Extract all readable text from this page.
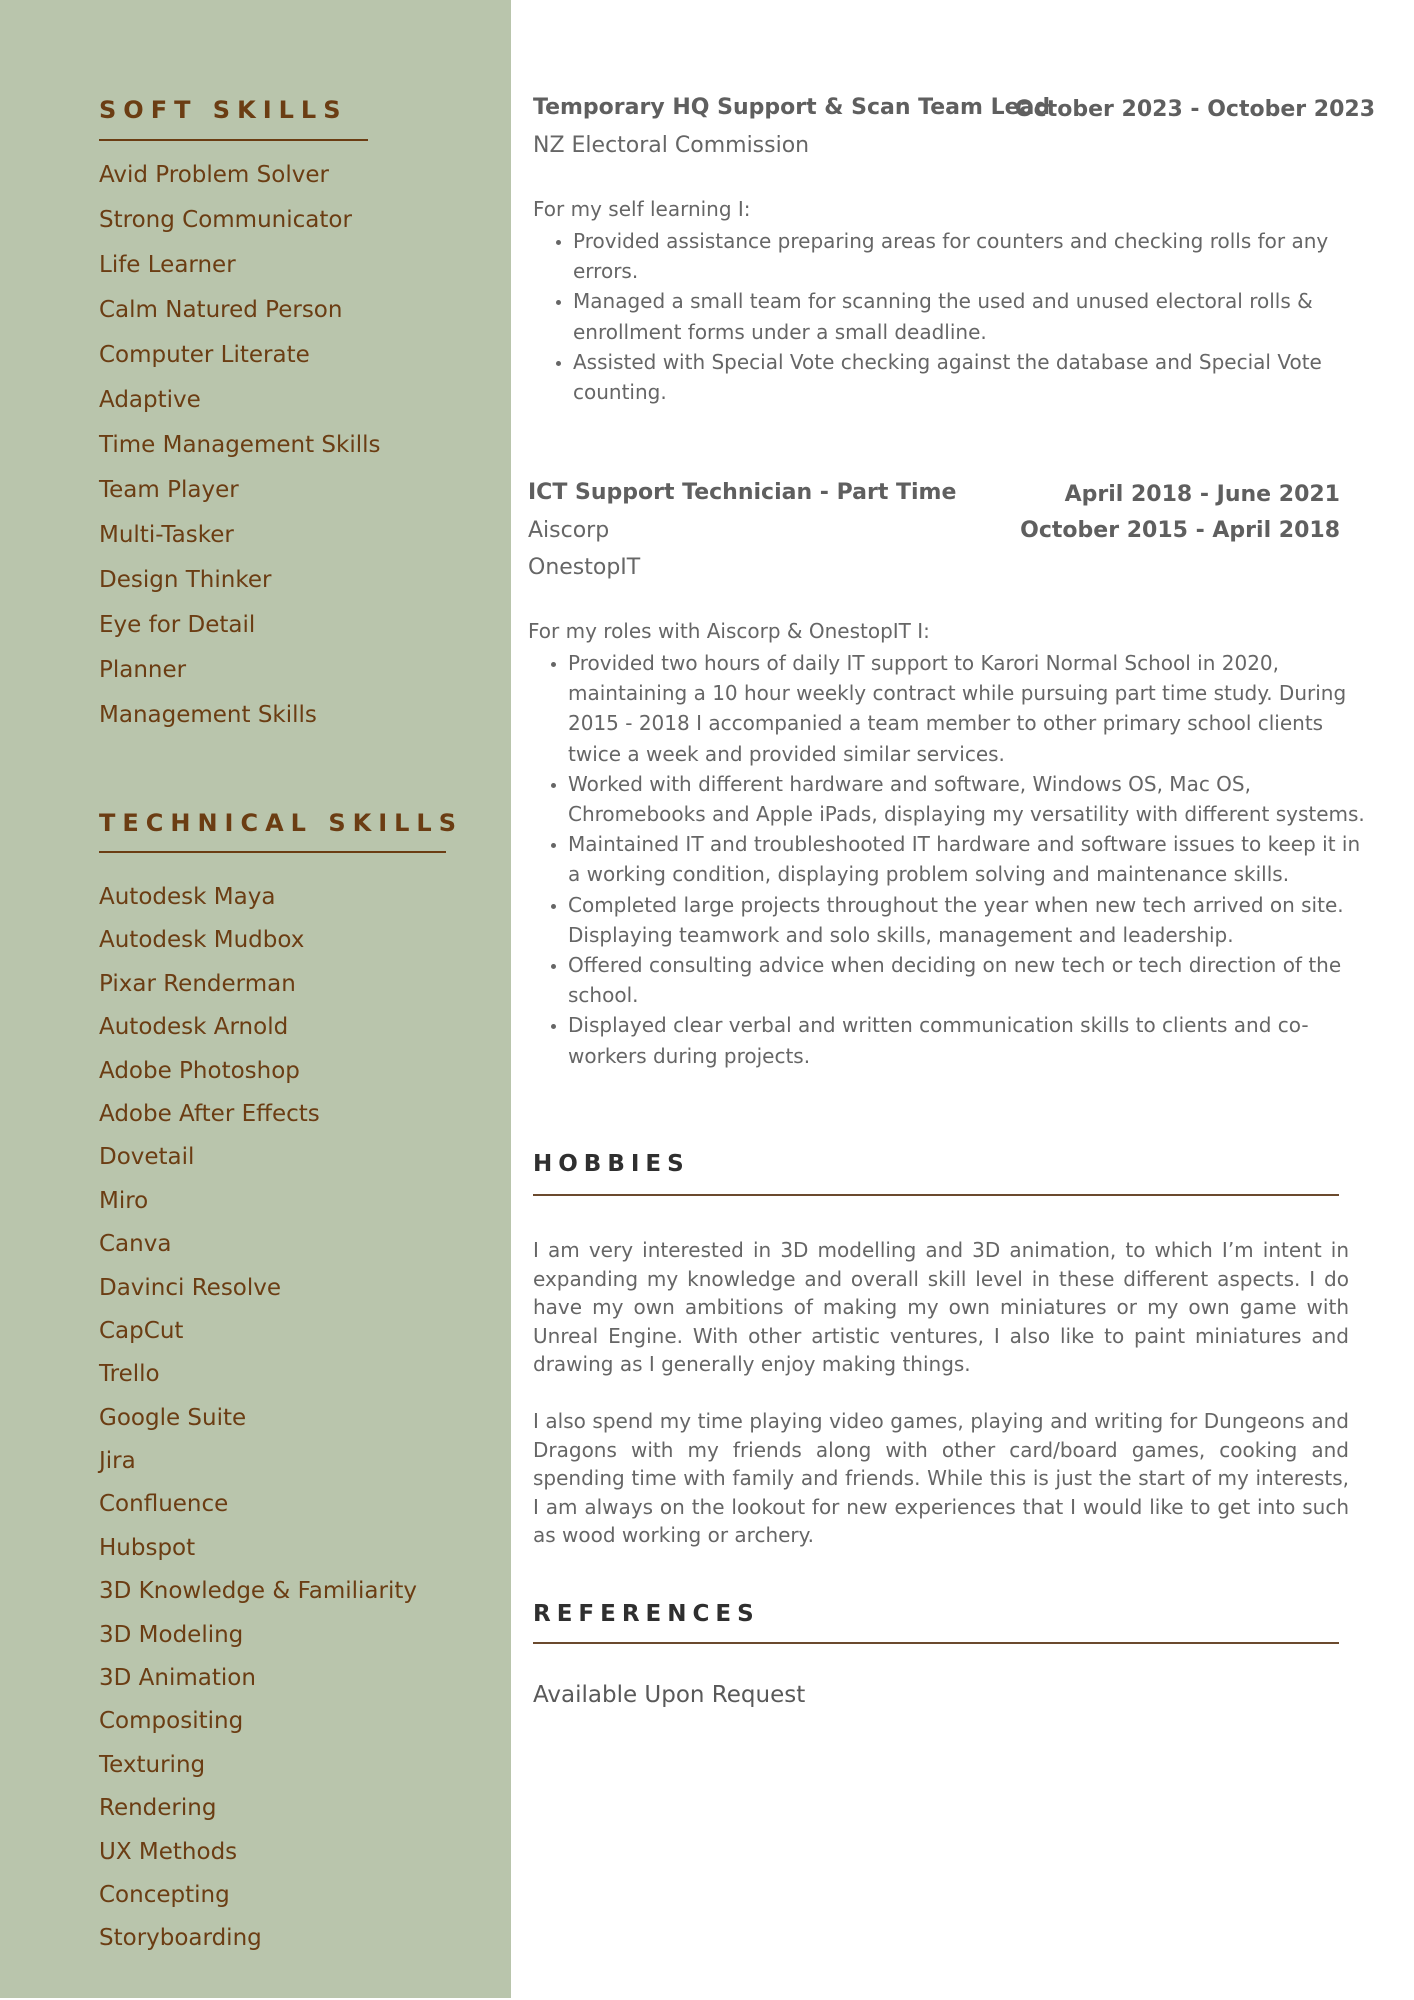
SOFT SKILLS
Avid Problem Solver
Strong Communicator
Life Learner
Calm Natured Person
Computer Literate
Adaptive
Time Management Skills
Team Player
Multi-Tasker
Design Thinker
Eye for Detail
Planner
Management Skills
TECHNICAL SKILLS
Autodesk Maya
Autodesk Mudbox
Pixar Renderman
Autodesk Arnold
Adobe Photoshop
Adobe After Effects
Dovetail
Miro
Canva
Davinci Resolve
CapCut
Trello
Google Suite
Jira
Confluence
Hubspot
3D Knowledge & Familiarity
3D Modeling
3D Animation
Compositing
Texturing
Rendering
UX Methods
Concepting
Storyboarding

Temporary HQ Support & Scan Team Lead

October 2023 - October 2023

NZ Electoral Commission

For my self learning I:

• Provided assistance preparing areas for counters and checking rolls for any errors.
• Managed a small team for scanning the used and unused electoral rolls & enrollment forms under a small deadline.
• Assisted with Special Vote checking against the database and Special Vote counting.

ICT Support Technician - Part Time	April 2018 - June 2021

October 2015 - April 2018

Aiscorp

OnestopIT

For my roles with Aiscorp & OnestopIT I:

• Provided two hours of daily IT support to Karori Normal School in 2020, maintaining a 10 hour weekly contract while pursuing part time study. During 2015 - 2018 I accompanied a team member to other primary school clients twice a week and provided similar services.
• Worked with different hardware and software, Windows OS, Mac OS, Chromebooks and Apple iPads, displaying my versatility with different systems.
• Maintained IT and troubleshooted IT hardware and software issues to keep it in a working condition, displaying problem solving and maintenance skills.
• Completed large projects throughout the year when new tech arrived on site. Displaying teamwork and solo skills, management and leadership.
• Offered consulting advice when deciding on new tech or tech direction of the school.
• Displayed clear verbal and written communication skills to clients and co-workers during projects.
HOBBIES

I am very interested in 3D modelling and 3D animation, to which I’m intent in expanding my knowledge and overall skill level in these different aspects. I do have my own ambitions of making my own miniatures or my own game with Unreal Engine. With other artistic ventures, I also like to paint miniatures and drawing as I generally enjoy making things.

I also spend my time playing video games, playing and writing for Dungeons and Dragons with my friends along with other card/board games, cooking and spending time with family and friends. While this is just the start of my interests, I am always on the lookout for new experiences that I would like to get into such as wood working or archery.

REFERENCES

Available Upon Request
